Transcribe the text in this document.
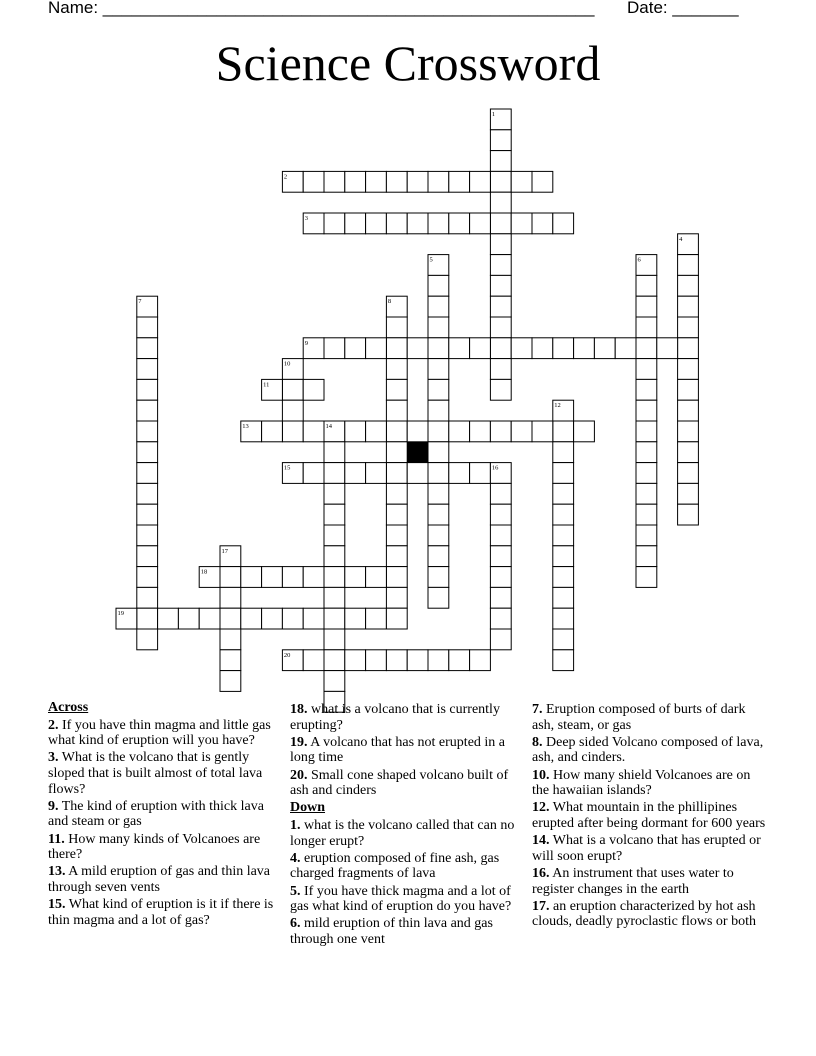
Name: ____________________________________________________ Date: _______
Science Crossword
1
2
3
4
5	6
7	8
9
10
11
12
13	14
15	16
17
18
19
20
Across
2. If you have thin magma and little gas what kind of eruption will you have?
3. What is the volcano that is gently sloped that is built almost of total lava flows?
9. The kind of eruption with thick lava and steam or gas
11. How many kinds of Volcanoes are there?
13. A mild eruption of gas and thin lava through seven vents
15. What kind of eruption is it if there is thin magma and a lot of gas?
18. what is a volcano that is currently erupting?
19. A volcano that has not erupted in a long time
20. Small cone shaped volcano built of ash and cinders
Down
1. what is the volcano called that can no longer erupt?
4. eruption composed of fine ash, gas charged fragments of lava
5. If you have thick magma and a lot of gas what kind of eruption do you have?
6. mild eruption of thin lava and gas through one vent
7. Eruption composed of burts of dark ash, steam, or gas
8. Deep sided Volcano composed of lava, ash, and cinders.
10. How many shield Volcanoes are on the hawaiian islands?
12. What mountain in the phillipines erupted after being dormant for 600 years
14. What is a volcano that has erupted or will soon erupt?
16. An instrument that uses water to register changes in the earth
17. an eruption characterized by hot ash clouds, deadly pyroclastic flows or both
